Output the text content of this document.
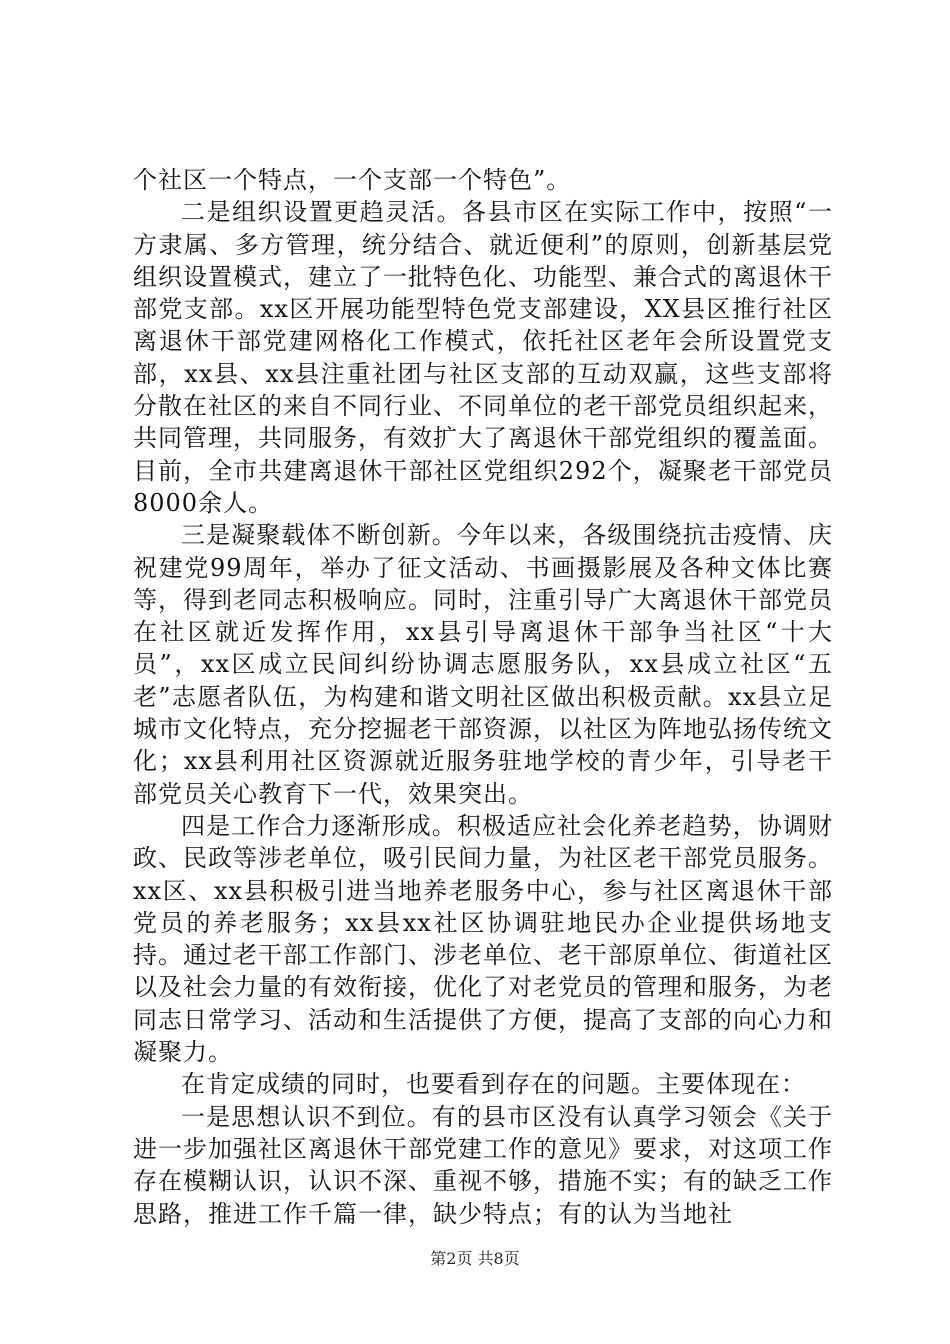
个社区一个特点，一个支部一个特色”。

二是组织设置更趋灵活。各县市区在实际工作中，按照“一方隶属、多方管理，统分结合、就近便利”的原则，创新基层党组织设置模式，建立了一批特色化、功能型、兼合式的离退休干部党支部。xx区开展功能型特色党支部建设，XX县区推行社区离退休干部党建网格化工作模式，依托社区老年会所设置党支部，xx县、xx县注重社团与社区支部的互动双赢，这些支部将分散在社区的来自不同行业、不同单位的老干部党员组织起来，共同管理，共同服务，有效扩大了离退休干部党组织的覆盖面。目前，全市共建离退休干部社区党组织292个，凝聚老干部党员8000余人。

三是凝聚载体不断创新。今年以来，各级围绕抗击疫情、庆祝建党99周年，举办了征文活动、书画摄影展及各种文体比赛等，得到老同志积极响应。同时，注重引导广大离退休干部党员在社区就近发挥作用，xx县引导离退休干部争当社区“十大员”，xx区成立民间纠纷协调志愿服务队，xx县成立社区“五老”志愿者队伍，为构建和谐文明社区做出积极贡献。xx县立足城市文化特点，充分挖掘老干部资源，以社区为阵地弘扬传统文化；xx县利用社区资源就近服务驻地学校的青少年，引导老干部党员关心教育下一代，效果突出。

四是工作合力逐渐形成。积极适应社会化养老趋势，协调财政、民政等涉老单位，吸引民间力量，为社区老干部党员服务。xx区、xx县积极引进当地养老服务中心，参与社区离退休干部党员的养老服务；xx县xx社区协调驻地民办企业提供场地支持。通过老干部工作部门、涉老单位、老干部原单位、街道社区以及社会力量的有效衔接，优化了对老党员的管理和服务，为老同志日常学习、活动和生活提供了方便，提高了支部的向心力和凝聚力。

在肯定成绩的同时，也要看到存在的问题。主要体现在：

一是思想认识不到位。有的县市区没有认真学习领会《关于进一步加强社区离退休干部党建工作的意见》要求，对这项工作存在模糊认识，认识不深、重视不够，措施不实；有的缺乏工作思路，推进工作千篇一律，缺少特点；有的认为当地社

第2页 共8页
